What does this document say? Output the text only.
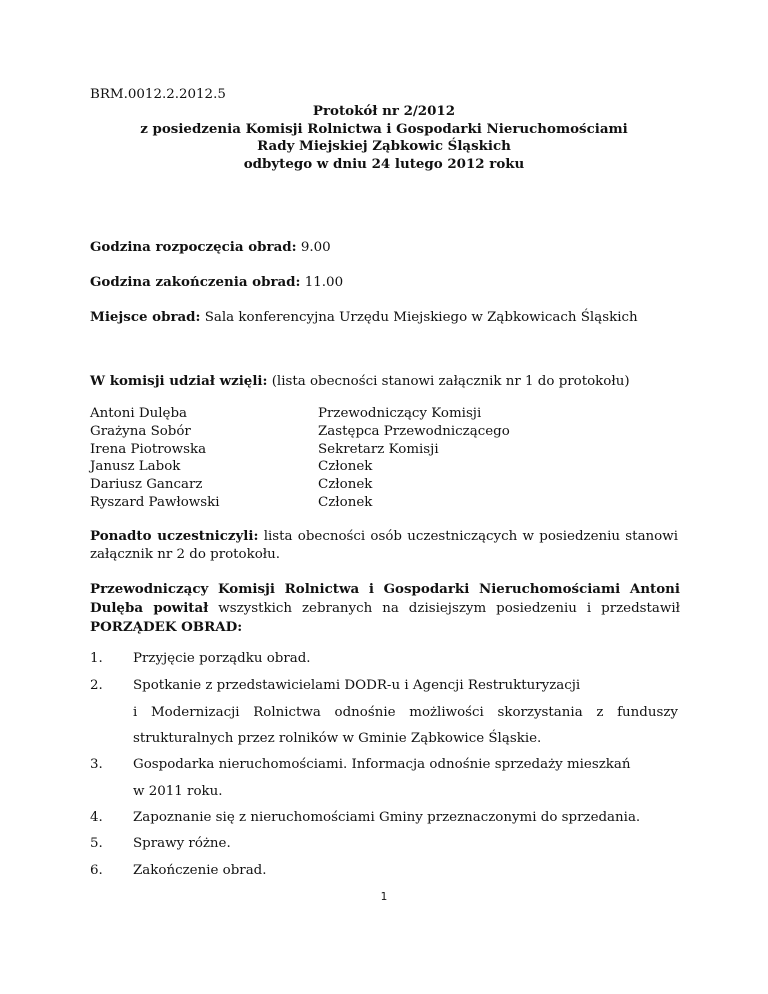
BRM.0012.2.2012.5
Protokół nr 2/2012
z posiedzenia Komisji Rolnictwa i Gospodarki Nieruchomościami
Rady Miejskiej Ząbkowic Śląskich
odbytego w dniu 24 lutego 2012 roku
Godzina rozpoczęcia obrad: 9.00
Godzina zakończenia obrad: 11.00
Miejsce obrad: Sala konferencyjna Urzędu Miejskiego w Ząbkowicach Śląskich
W komisji udział wzięli: (lista obecności stanowi załącznik nr 1 do protokołu)
Antoni Dulęba	Przewodniczący Komisji
Grażyna Sobór	Zastępca Przewodniczącego
Irena Piotrowska	Sekretarz Komisji
Janusz Labok	Członek
Dariusz Gancarz	Członek
Ryszard Pawłowski	Członek
Ponadto uczestniczyli: lista obecności osób uczestniczących w posiedzeniu stanowi załącznik nr 2 do protokołu.
Przewodniczący Komisji Rolnictwa i Gospodarki Nieruchomościami Antoni Dulęba powitał wszystkich zebranych na dzisiejszym posiedzeniu i przedstawił PORZĄDEK OBRAD:
1. Przyjęcie porządku obrad.
2. Spotkanie z przedstawicielami DODR-u i Agencji Restrukturyzacji
i Modernizacji Rolnictwa odnośnie możliwości skorzystania z funduszy
strukturalnych przez rolników w Gminie Ząbkowice Śląskie.
3. Gospodarka nieruchomościami. Informacja odnośnie sprzedaży mieszkań
w 2011 roku.
4. Zapoznanie się z nieruchomościami Gminy przeznaczonymi do sprzedania.
5. Sprawy różne.
6. Zakończenie obrad.
1
